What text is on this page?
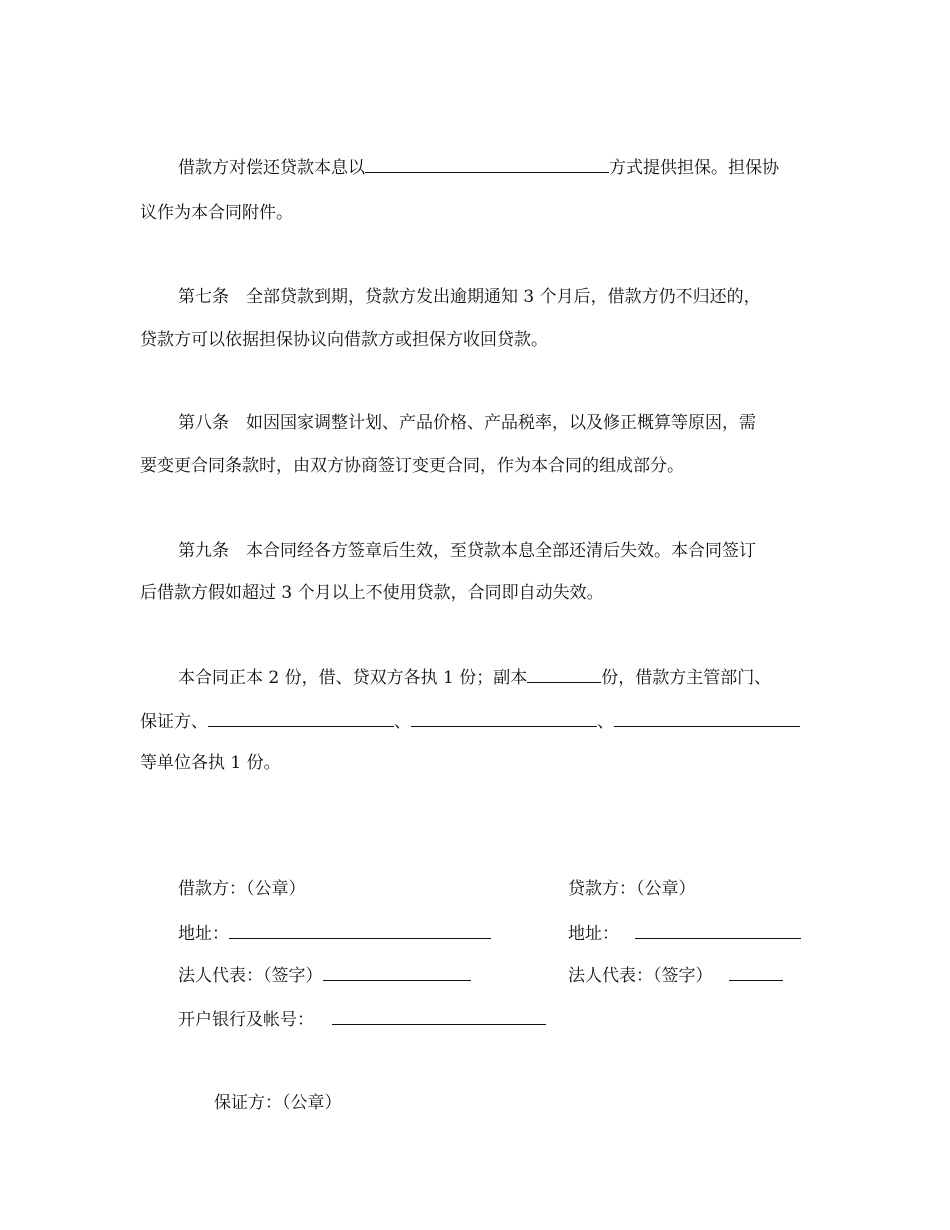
借款方对偿还贷款本息以	方式提供担保。担保协
议作为本合同附件。
第七条　全部贷款到期，贷款方发出逾期通知 3 个月后，借款方仍不归还的，
贷款方可以依据担保协议向借款方或担保方收回贷款。
第八条　如因国家调整计划、产品价格、产品税率，以及修正概算等原因，需
要变更合同条款时，由双方协商签订变更合同，作为本合同的组成部分。
第九条　本合同经各方签章后生效，至贷款本息全部还清后失效。本合同签订
后借款方假如超过 3 个月以上不使用贷款，合同即自动失效。
本合同正本 2 份，借、贷双方各执 1 份；副本	份，借款方主管部门、
保证方、	、	、
等单位各执 1 份。
借款方：（公章）	贷款方：（公章）
地址：	地址：
法人代表：（签字）	法人代表：（签字）
开户银行及帐号：
保证方：（公章）
